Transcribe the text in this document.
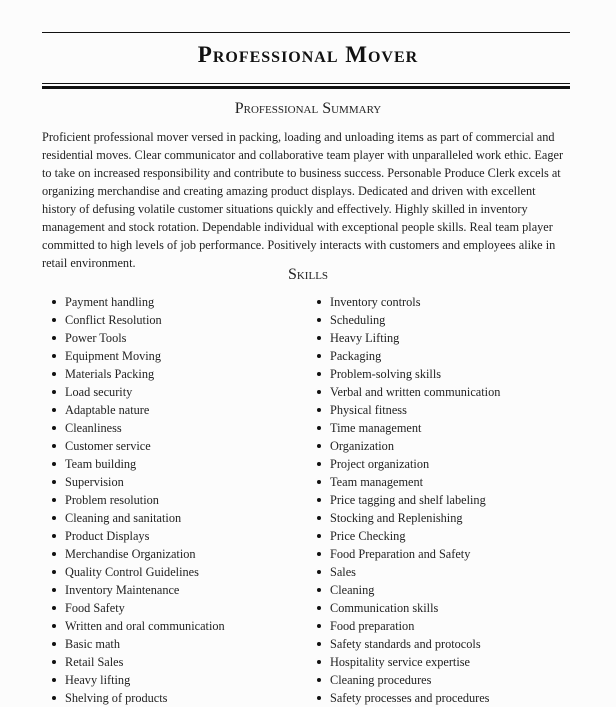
Professional Mover
Professional Summary

Proficient professional mover versed in packing, loading and unloading items as part of commercial and residential moves. Clear communicator and collaborative team player with unparalleled work ethic. Eager to take on increased responsibility and contribute to business success. Personable Produce Clerk excels at organizing merchandise and creating amazing product displays. Dedicated and driven with excellent history of defusing volatile customer situations quickly and effectively. Highly skilled in inventory management and stock rotation. Dependable individual with exceptional people skills. Real team player committed to high levels of job performance. Positively interacts with customers and employees alike in retail environment.

Skills
Payment handling
Conflict Resolution
Power Tools
Equipment Moving
Materials Packing
Load security
Adaptable nature
Cleanliness
Customer service
Team building
Supervision
Problem resolution
Cleaning and sanitation
Product Displays
Merchandise Organization
Quality Control Guidelines
Inventory Maintenance
Food Safety
Written and oral communication
Basic math
Retail Sales
Heavy lifting
Shelving of products
Inventory controls
Scheduling
Heavy Lifting
Packaging
Problem-solving skills
Verbal and written communication
Physical fitness
Time management
Organization
Project organization
Team management
Price tagging and shelf labeling
Stocking and Replenishing
Price Checking
Food Preparation and Safety
Sales
Cleaning
Communication skills
Food preparation
Safety standards and protocols
Hospitality service expertise
Cleaning procedures
Safety processes and procedures
